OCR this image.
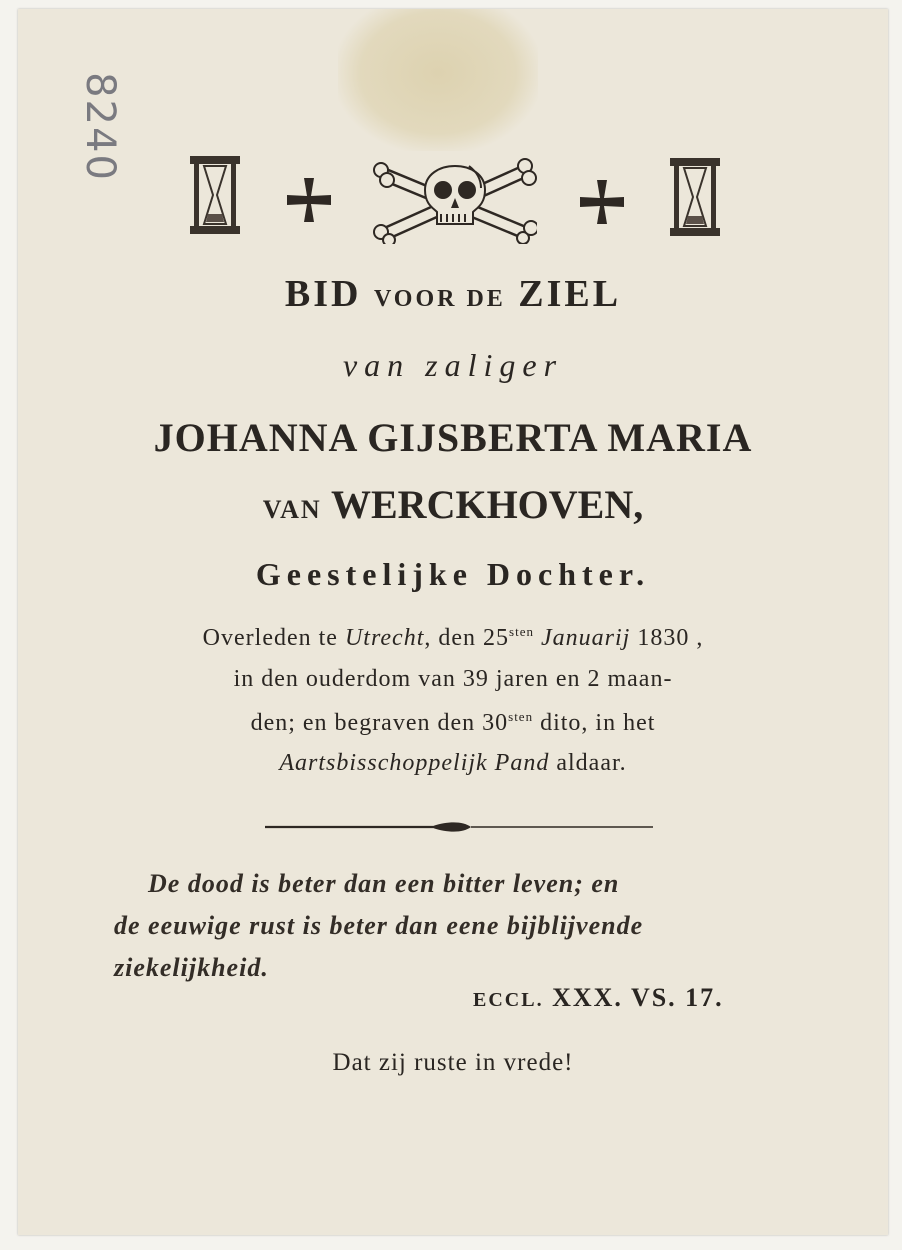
8240
BID VOOR DE ZIEL
van zaliger
JOHANNA GIJSBERTA MARIA
VAN WERCKHOVEN,
Geestelijke Dochter.
Overleden te Utrecht, den $25^{sten}$ Januarij 1830 ,
in den ouderdom van 39 jaren en 2 maan-
den; en begraven den $30^{sten}$ dito, in het
Aartsbisschoppelijk Pand aldaar.
De dood is beter dan een bitter leven; en
de eeuwige rust is beter dan eene bijblijvende
ziekelijkheid.
ECCL. XXX. VS. 17.
Dat zij ruste in vrede!
